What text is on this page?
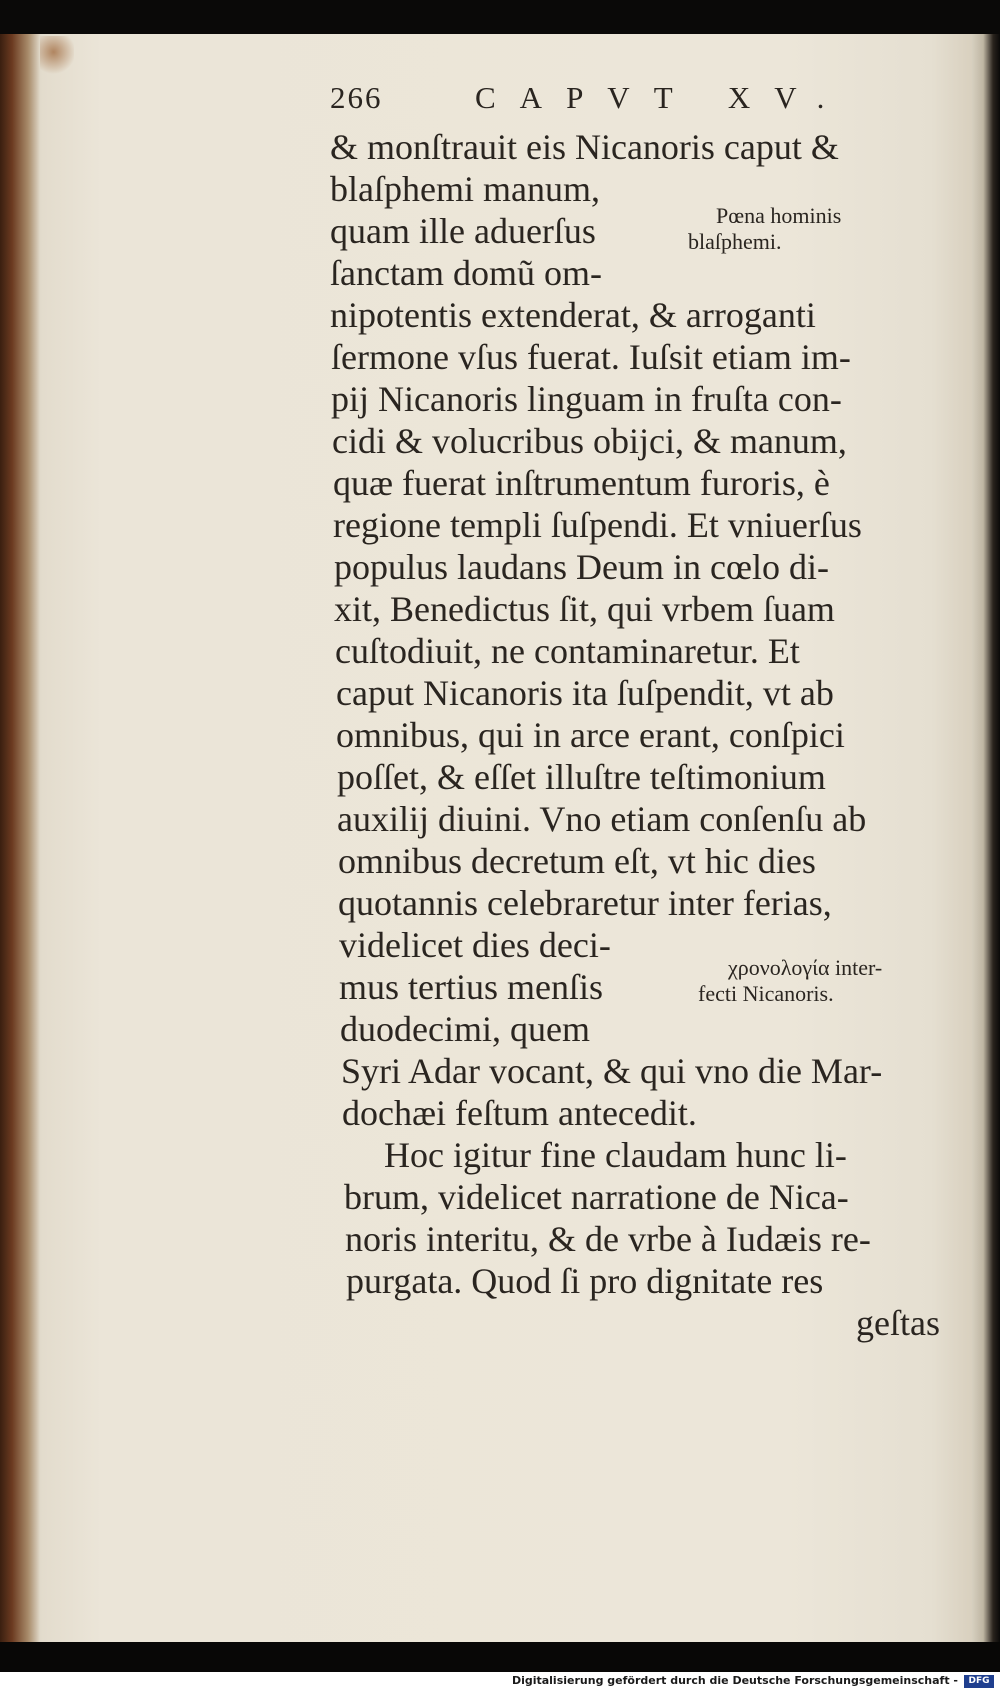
266	CAPVT XV.
& monſtrauit eis Nicanoris caput &
blaſphemi manum,
quam ille aduerſus
ſanctam domũ om-
nipotentis extenderat, & arroganti
ſermone vſus fuerat. Iuſsit etiam im-
pij Nicanoris linguam in fruſta con-
cidi & volucribus obijci, & manum,
quæ fuerat inſtrumentum furoris, è
regione templi ſuſpendi. Et vniuerſus
populus laudans Deum in cœlo di-
xit, Benedictus ſit, qui vrbem ſuam
cuſtodiuit, ne contaminaretur. Et
caput Nicanoris ita ſuſpendit, vt ab
omnibus, qui in arce erant, conſpici
poſſet, & eſſet illuſtre teſtimonium
auxilij diuini. Vno etiam conſenſu ab
omnibus decretum eſt, vt hic dies
quotannis celebraretur inter ferias,
videlicet dies deci-
mus tertius menſis
duodecimi, quem
Syri Adar vocant, & qui vno die Mar-
dochæi feſtum antecedit.
Hoc igitur fine claudam hunc li-
brum, videlicet narratione de Nica-
noris interitu, & de vrbe à Iudæis re-
purgata. Quod ſi pro dignitate res
geſtas
Pœna hominis
blaſphemi.
χρονολογία inter-
fecti Nicanoris.
Digitalisierung gefördert durch die Deutsche Forschungsgemeinschaft -	DFG
